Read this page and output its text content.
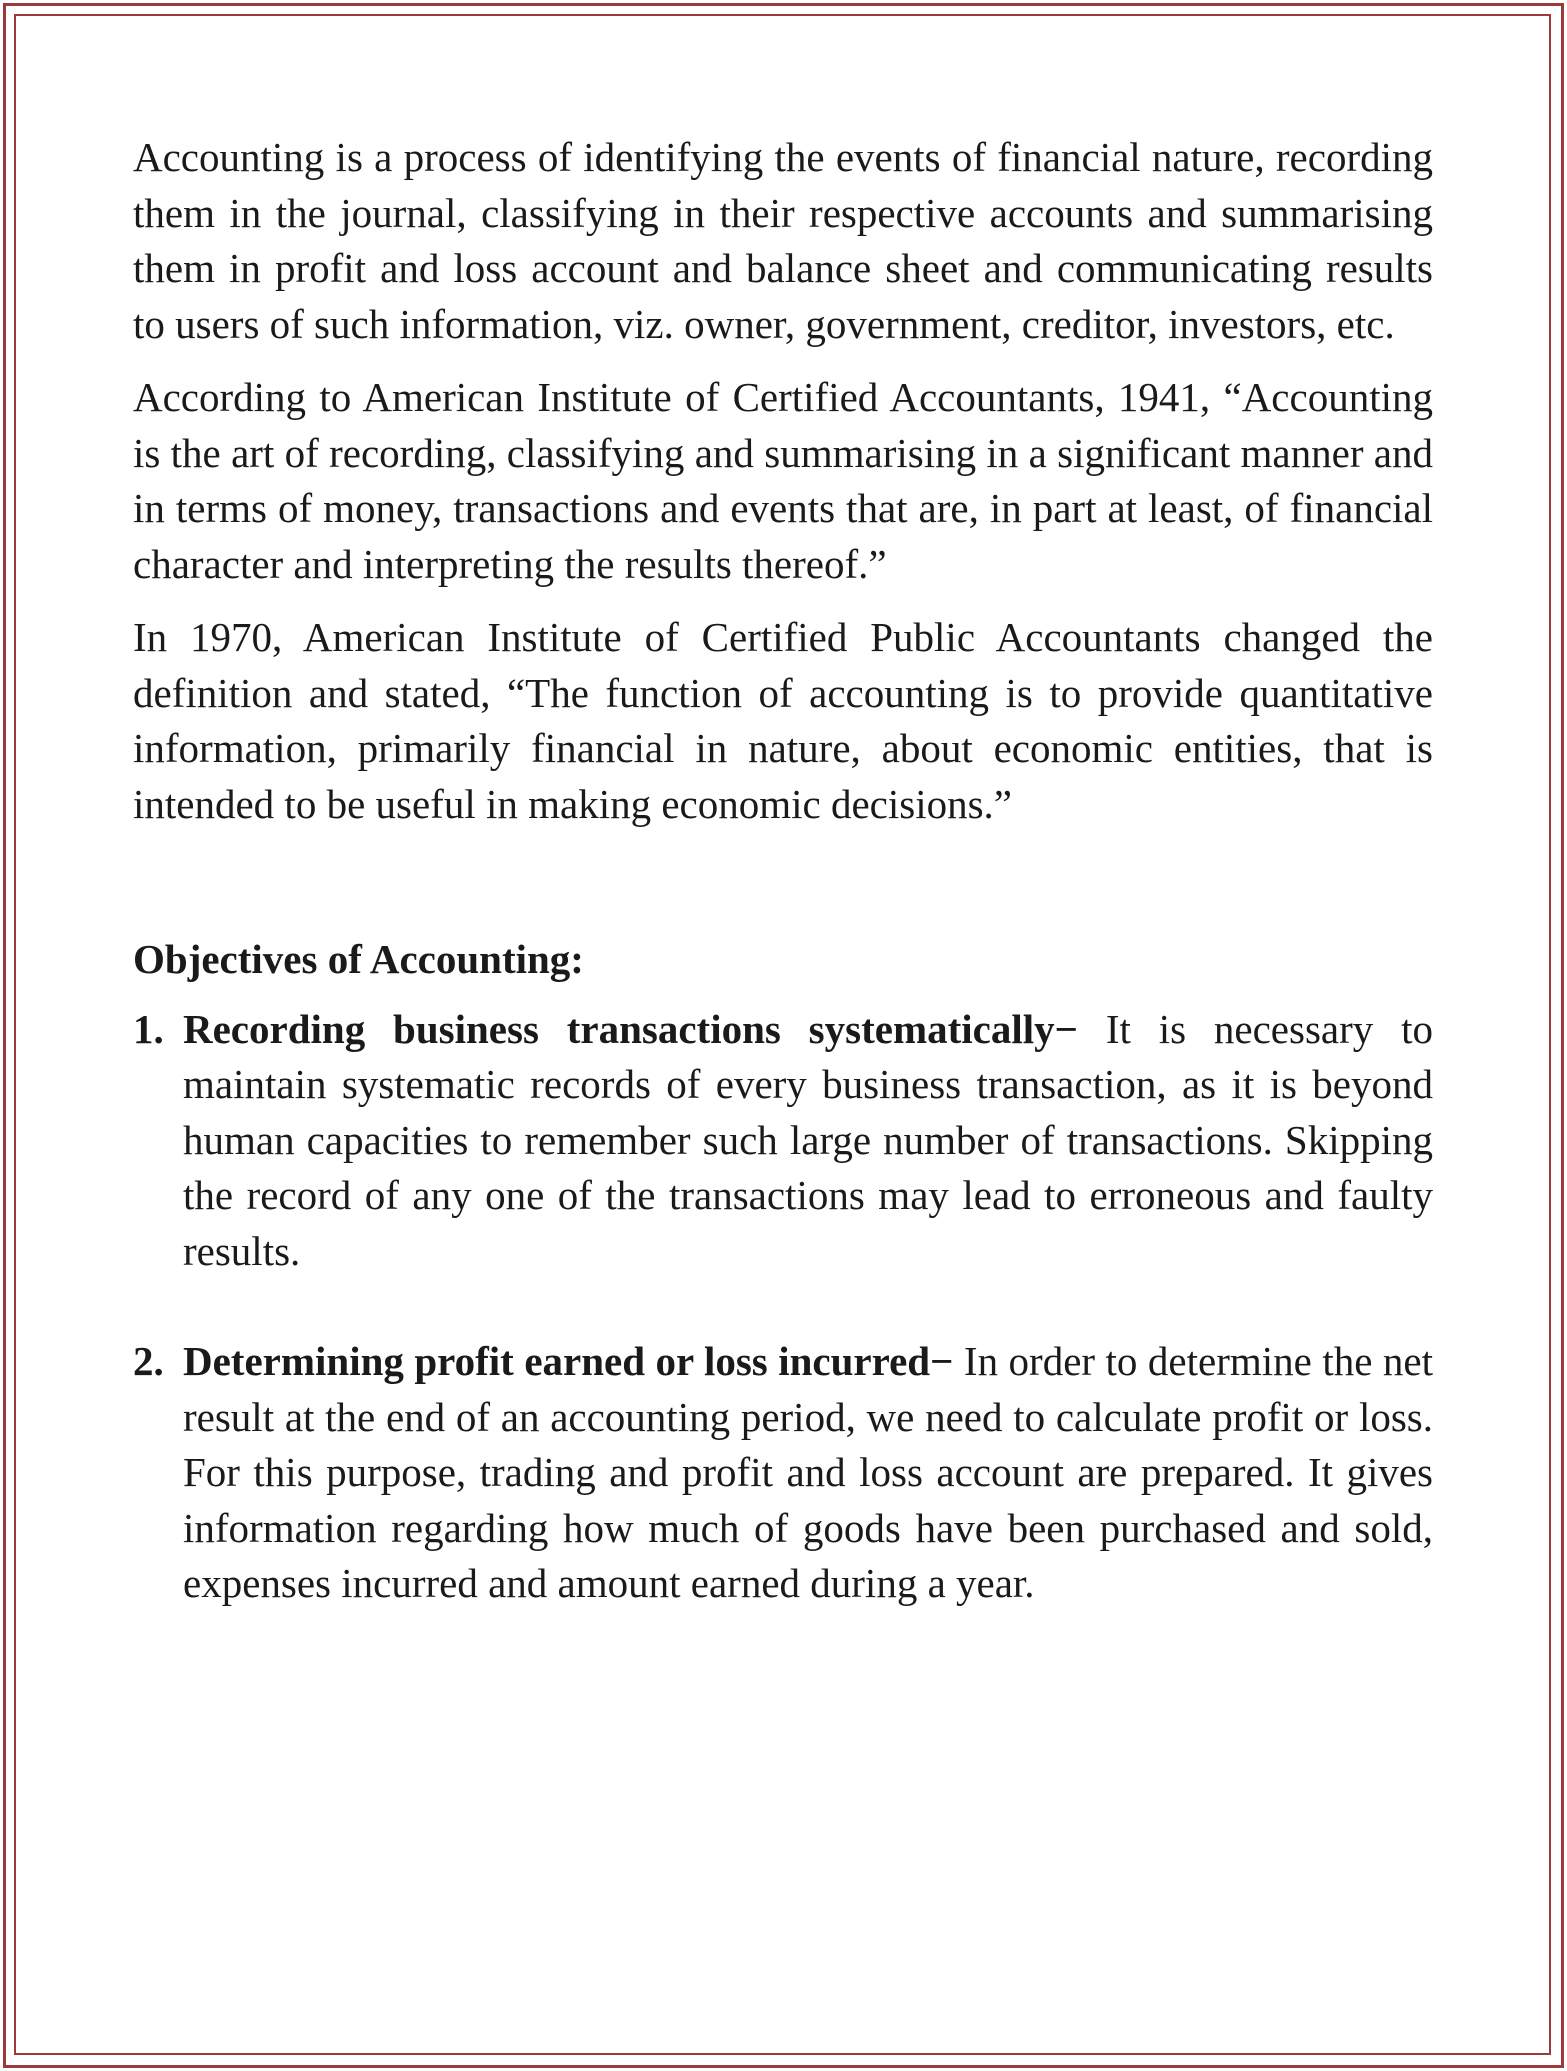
Accounting is a process of identifying the events of financial nature, recording them in the journal, classifying in their respective accounts and summarising them in profit and loss account and balance sheet and communicating results to users of such information, viz. owner, government, creditor, investors, etc.

According to American Institute of Certified Accountants, 1941, “Accounting is the art of recording, classifying and summarising in a significant manner and in terms of money, transactions and events that are, in part at least, of financial character and interpreting the results thereof.”

In 1970, American Institute of Certified Public Accountants changed the definition and stated, “The function of accounting is to provide quantitative information, primarily financial in nature, about economic entities, that is intended to be useful in making economic decisions.”

Objectives of Accounting:
1. Recording business transactions systematically− It is necessary to maintain systematic records of every business transaction, as it is beyond human capacities to remember such large number of transactions. Skipping the record of any one of the transactions may lead to erroneous and faulty results.
2. Determining profit earned or loss incurred− In order to determine the net result at the end of an accounting period, we need to calculate profit or loss. For this purpose, trading and profit and loss account are prepared. It gives information regarding how much of goods have been purchased and sold, expenses incurred and amount earned during a year.
